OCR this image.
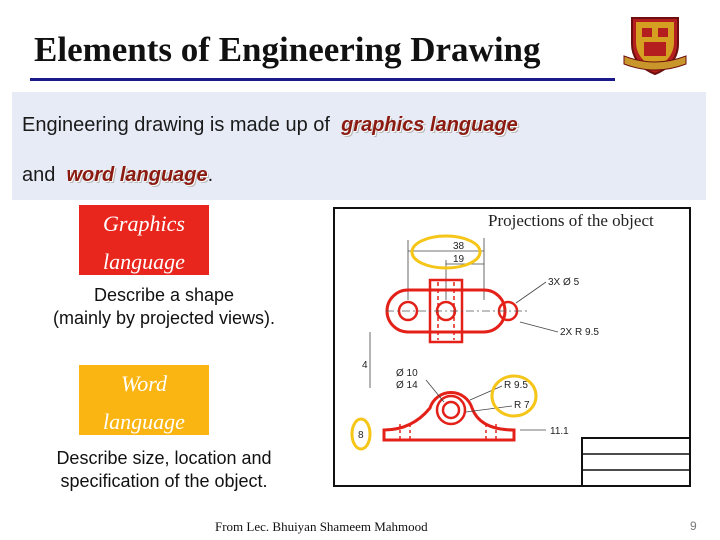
Elements of Engineering Drawing
Engineering drawing is made up of graphics language
and word language.
Graphics language
Describe a shape
(mainly by projected views).
Word language
Describe size, location and
specification of the object.
38
19
3X Ø 5
2X R 9.5
4
Ø 10
Ø 14	R 9.5
R 7
8	11.1
Projections of the object
From Lec. Bhuiyan Shameem Mahmood	9
